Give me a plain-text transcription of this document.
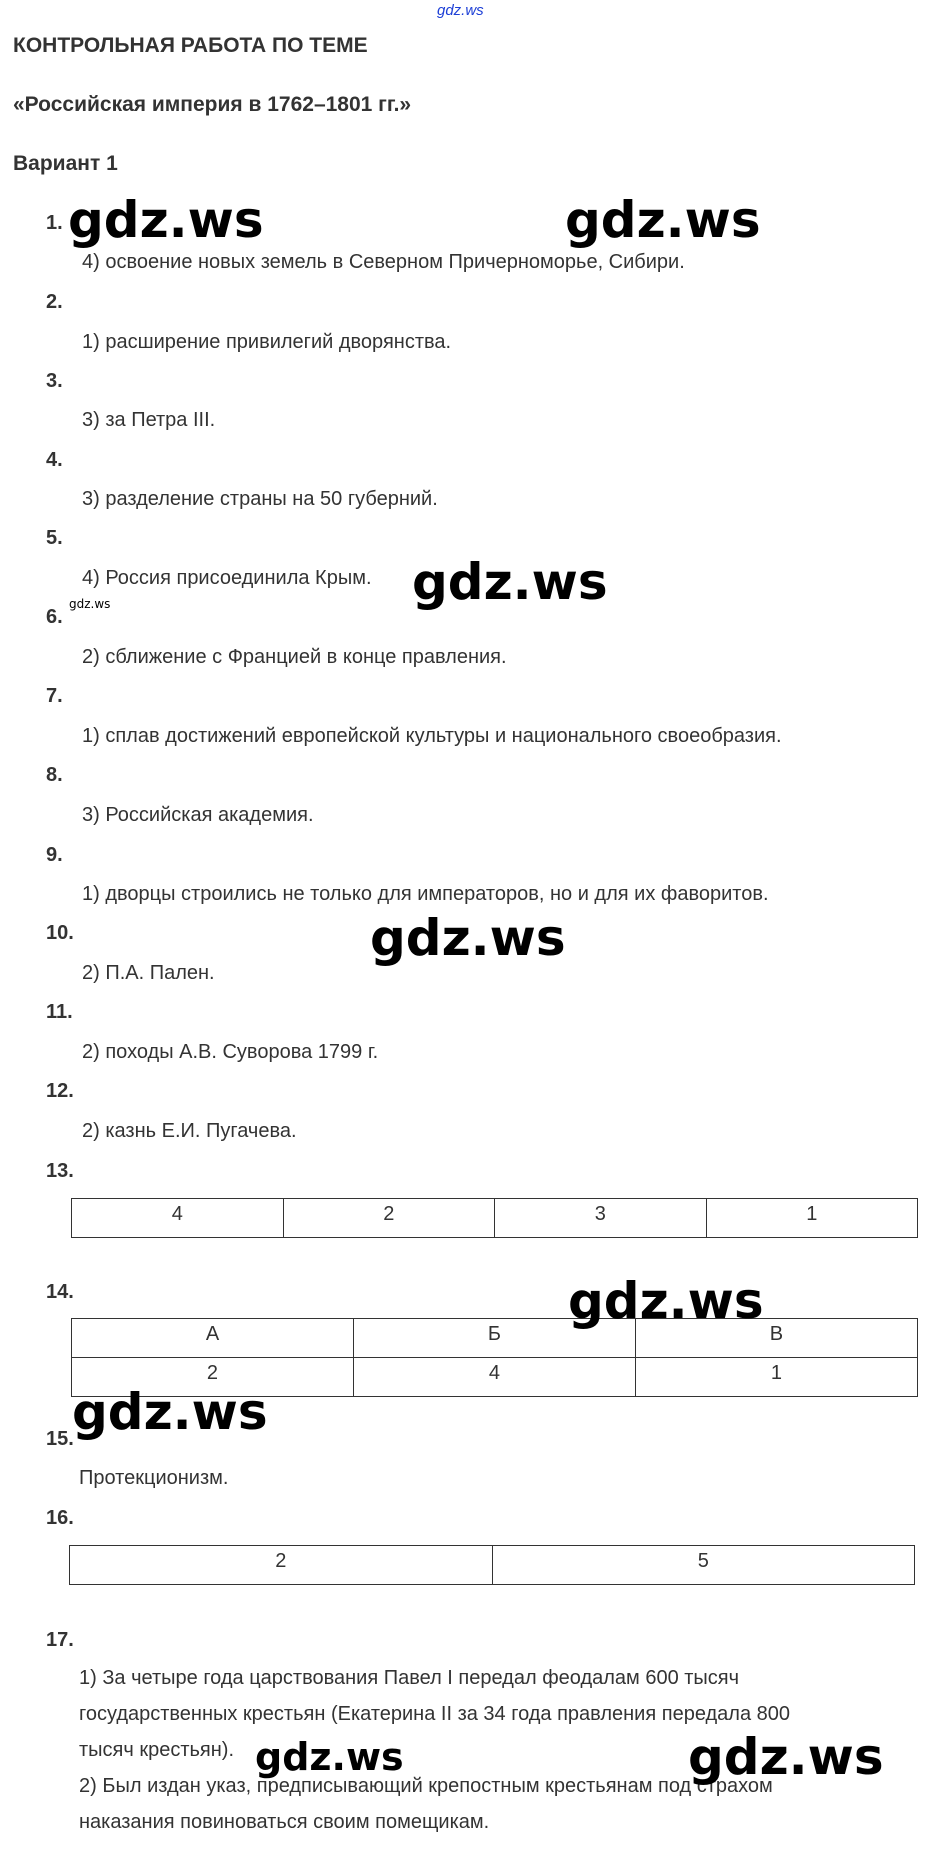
gdz.ws
КОНТРОЛЬНАЯ РАБОТА ПО ТЕМЕ
«Российская империя в 1762–1801 гг.»
Вариант 1
1.
4) освоение новых земель в Северном Причерноморье, Сибири.
2.
1) расширение привилегий дворянства.
3.
3) за Петра III.
4.
3) разделение страны на 50 губерний.
5.
4) Россия присоединила Крым.
6.
2) сближение с Францией в конце правления.
7.
1) сплав достижений европейской культуры и национального своеобразия.
8.
3) Российская академия.
9.
1) дворцы строились не только для императоров, но и для их фаворитов.
10.
2) П.А. Пален.
11.
2) походы А.В. Суворова 1799 г.
12.
2) казнь Е.И. Пугачева.
13.
4	2	3	1
14.
А	Б	В
2	4	1
15.
Протекционизм.
16.
2	5
17.
1) За четыре года царствования Павел I передал феодалам 600 тысяч
государственных крестьян (Екатерина II за 34 года правления передала 800
тысяч крестьян).
2) Был издан указ, предписывающий крепостным крестьянам под страхом
наказания повиноваться своим помещикам.
gdz.ws	gdz.ws
gdz.ws
gdz.ws
gdz.ws
gdz.ws
gdz.ws
gdz.ws	gdz.ws
